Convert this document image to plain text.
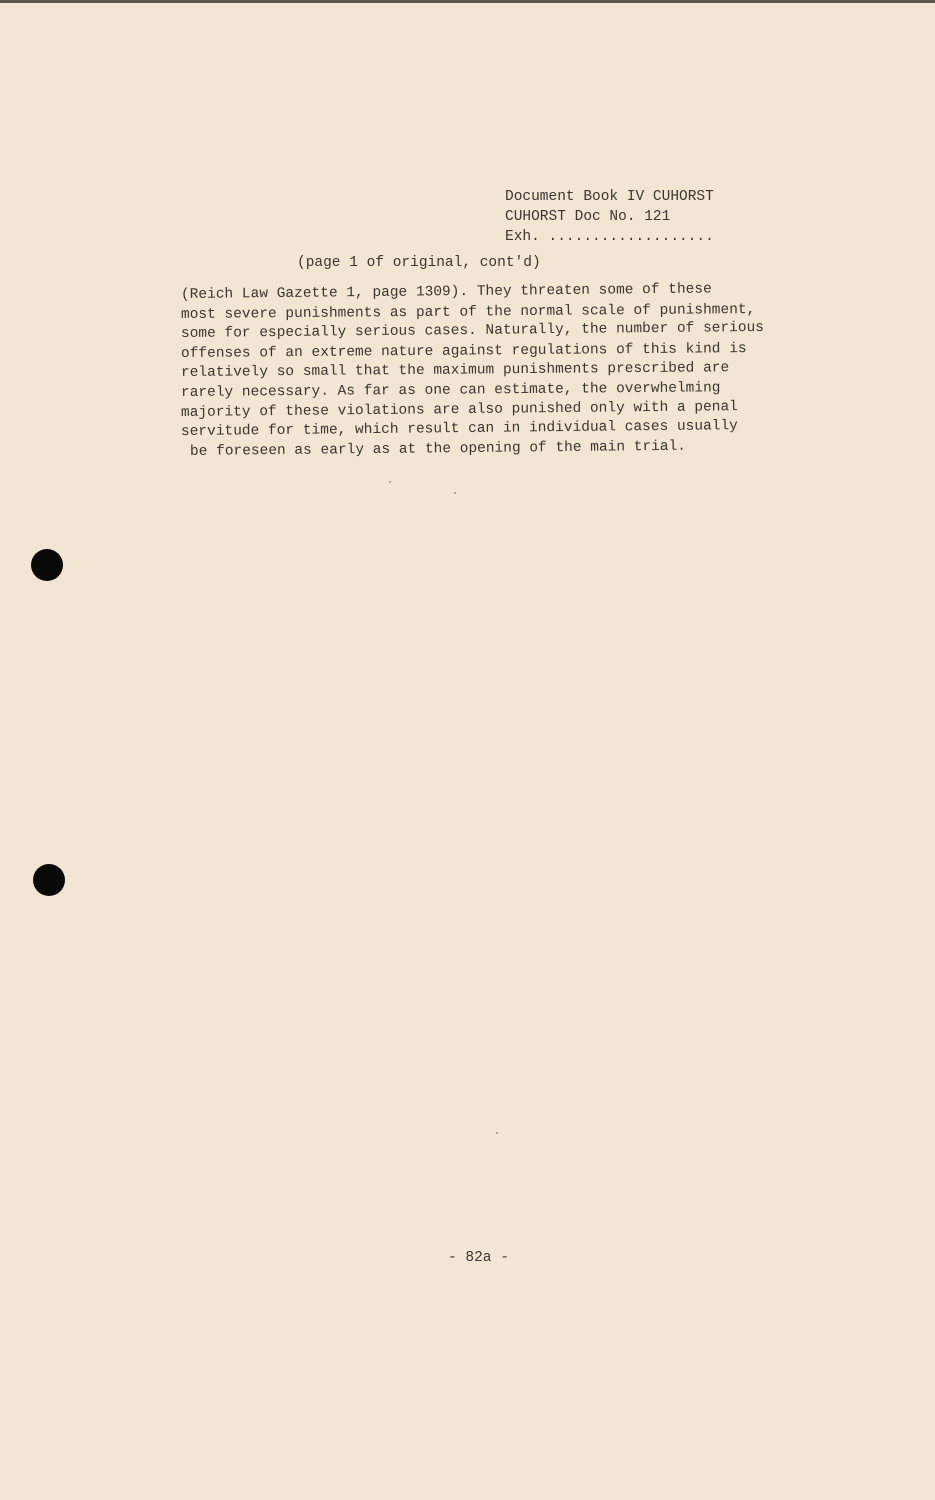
Document Book IV CUHORST
CUHORST Doc No. 121
Exh. ...................
(page 1 of original, cont'd)
(Reich Law Gazette 1, page 1309). They threaten some of these
most severe punishments as part of the normal scale of punishment,
some for especially serious cases. Naturally, the number of serious
offenses of an extreme nature against regulations of this kind is
relatively so small that the maximum punishments prescribed are
rarely necessary. As far as one can estimate, the overwhelming
majority of these violations are also punished only with a penal
servitude for time, which result can in individual cases usually
be foreseen as early as at the opening of the main trial.
- 82a -
